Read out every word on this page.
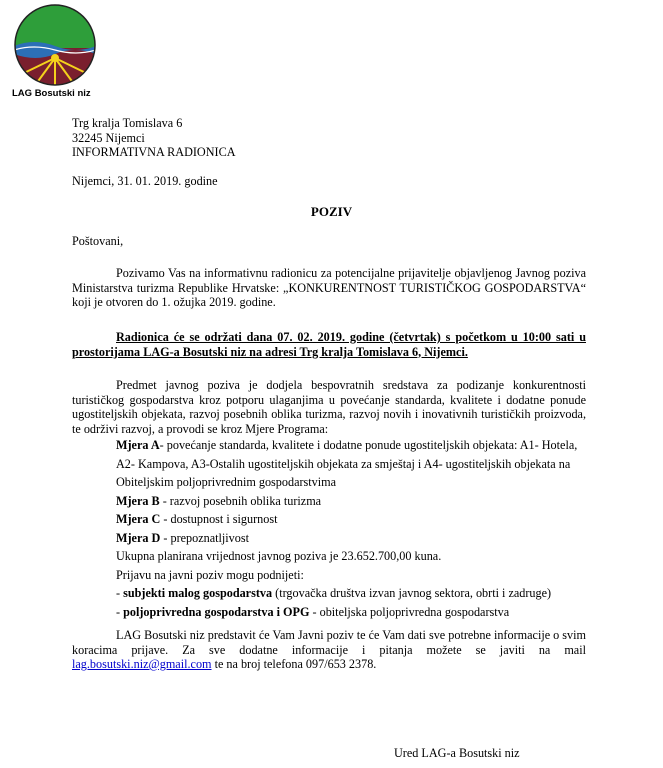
LAG Bosutski niz
Trg kralja Tomislava 6
32245 Nijemci
INFORMATIVNA RADIONICA
Nijemci, 31. 01. 2019. godine
POZIV
Poštovani,
Pozivamo Vas na informativnu radionicu za potencijalne prijavitelje objavljenog Javnog poziva Ministarstva turizma Republike Hrvatske: „KONKURENTNOST TURISTIČKOG GOSPODARSTVA“ koji je otvoren do 1. ožujka 2019. godine.
Radionica će se održati dana 07. 02. 2019. godine (četvrtak) s početkom u 10:00 sati u prostorijama LAG-a Bosutski niz na adresi Trg kralja Tomislava 6, Nijemci.
Predmet javnog poziva je dodjela bespovratnih sredstava za podizanje konkurentnosti turističkog gospodarstva kroz potporu ulaganjima u povećanje standarda, kvalitete i dodatne ponude ugostiteljskih objekata, razvoj posebnih oblika turizma, razvoj novih i inovativnih turističkih proizvoda, te održivi razvoj, a provodi se kroz Mjere Programa:
Mjera A- povećanje standarda, kvalitete i dodatne ponude ugostiteljskih objekata: A1- Hotela, A2- Kampova, A3-Ostalih ugostiteljskih objekata za smještaj i A4- ugostiteljskih objekata na Obiteljskim poljoprivrednim gospodarstvima
Mjera B - razvoj posebnih oblika turizma
Mjera C - dostupnost i sigurnost
Mjera D - prepoznatljivost
Ukupna planirana vrijednost javnog poziva je 23.652.700,00 kuna.
Prijavu na javni poziv mogu podnijeti:
- subjekti malog gospodarstva (trgovačka društva izvan javnog sektora, obrti i zadruge)
- poljoprivredna gospodarstva i OPG - obiteljska poljoprivredna gospodarstva
LAG Bosutski niz predstavit će Vam Javni poziv te će Vam dati sve potrebne informacije o svim koracima prijave. Za sve dodatne informacije i pitanja možete se javiti na mail lag.bosutski.niz@gmail.com te na broj telefona 097/653 2378.
Ured LAG-a Bosutski niz
